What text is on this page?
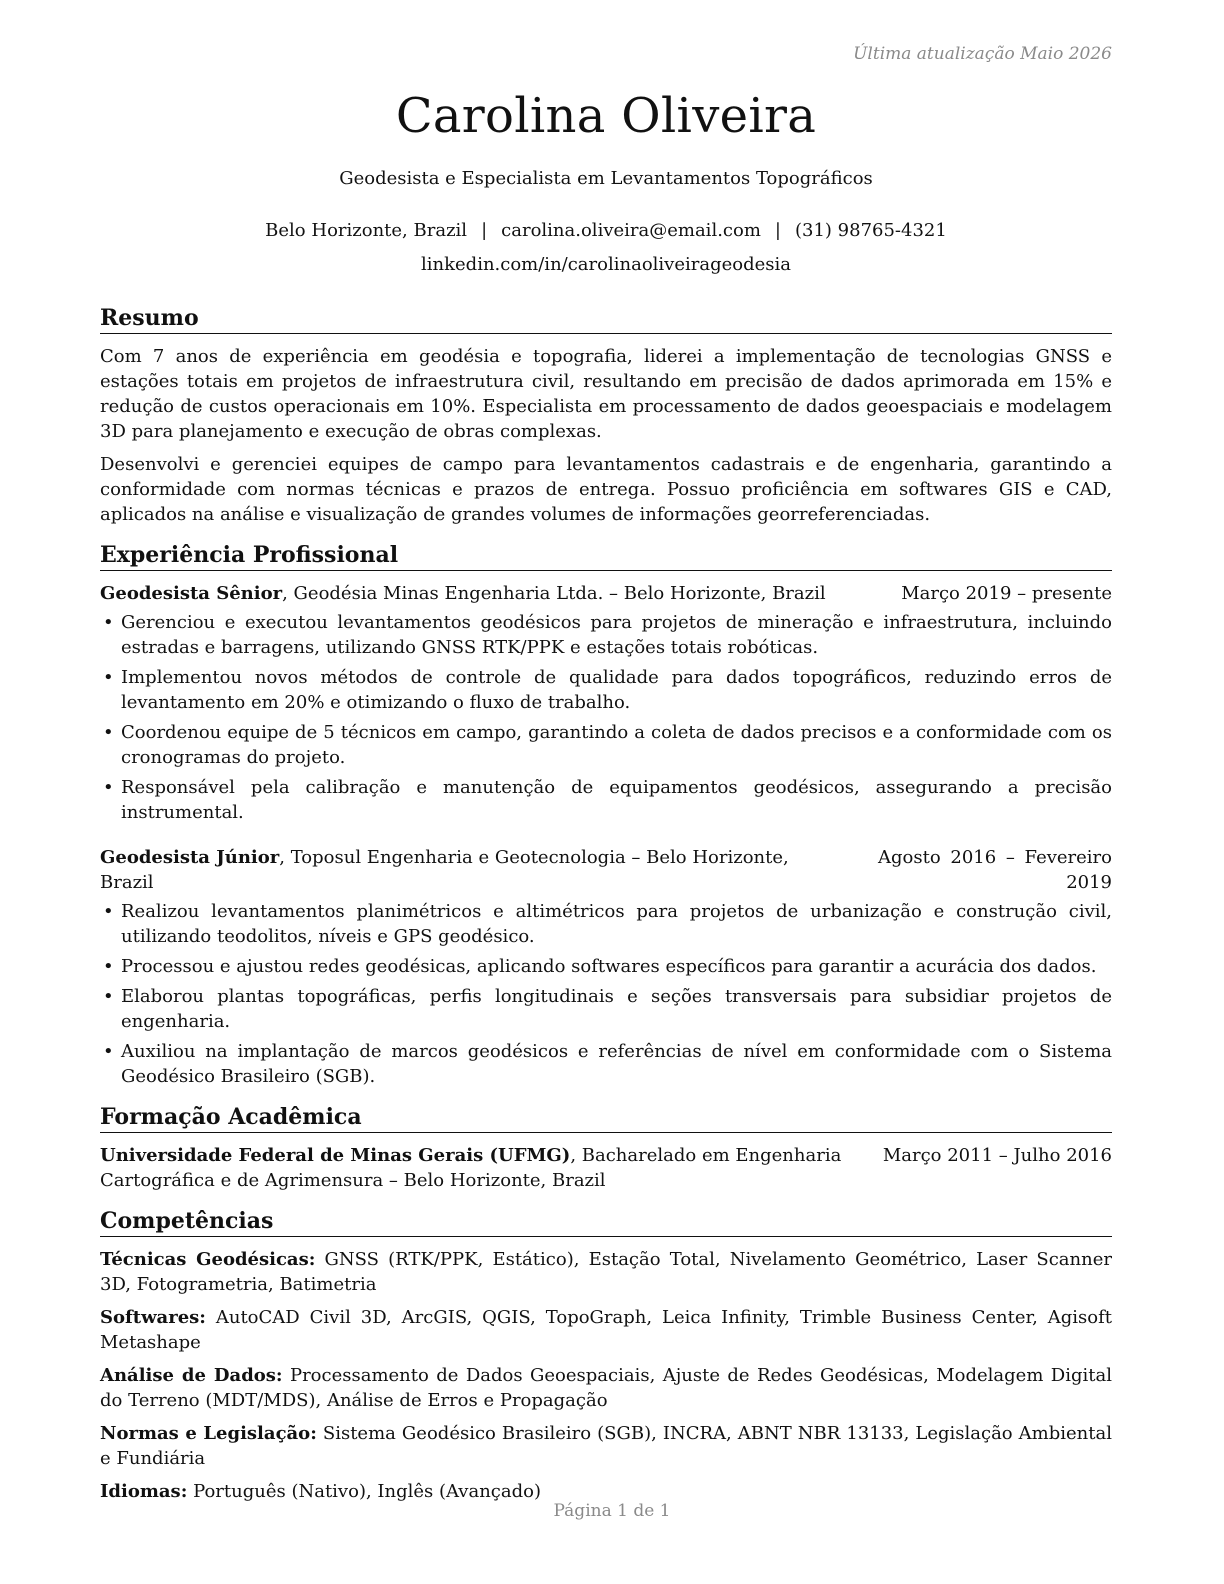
Última atualização Maio 2026
Carolina Oliveira
Geodesista e Especialista em Levantamentos Topográficos
Belo Horizonte, Brazil | carolina.oliveira@email.com | (31) 98765-4321
linkedin.com/in/carolinaoliveirageodesia
Resumo

Com 7 anos de experiência em geodésia e topografia, liderei a implementação de tecnologias GNSS e estações totais em projetos de infraestrutura civil, resultando em precisão de dados aprimorada em 15% e redução de custos operacionais em 10%. Especialista em processamento de dados geoespaciais e modelagem 3D para planejamento e execução de obras complexas.

Desenvolvi e gerenciei equipes de campo para levantamentos cadastrais e de engenharia, garantindo a conformidade com normas técnicas e prazos de entrega. Possuo proficiência em softwares GIS e CAD, aplicados na análise e visualização de grandes volumes de informações georreferenciadas.

Experiência Profissional
Geodesista Sênior, Geodésia Minas Engenharia Ltda. – Belo Horizonte, Brazil	Março 2019 – presente
• Gerenciou e executou levantamentos geodésicos para projetos de mineração e infraestrutura, incluindo estradas e barragens, utilizando GNSS RTK/PPK e estações totais robóticas.
• Implementou novos métodos de controle de qualidade para dados topográficos, reduzindo erros de levantamento em 20% e otimizando o fluxo de trabalho.
• Coordenou equipe de 5 técnicos em campo, garantindo a coleta de dados precisos e a conformidade com os cronogramas do projeto.
• Responsável pela calibração e manutenção de equipamentos geodésicos, assegurando a precisão instrumental.
Geodesista Júnior, Toposul Engenharia e Geotecnologia – Belo Horizonte, Brazil
Agosto 2016 – Fevereiro
2019
• Realizou levantamentos planimétricos e altimétricos para projetos de urbanização e construção civil, utilizando teodolitos, níveis e GPS geodésico.
• Processou e ajustou redes geodésicas, aplicando softwares específicos para garantir a acurácia dos dados.
• Elaborou plantas topográficas, perfis longitudinais e seções transversais para subsidiar projetos de engenharia.
• Auxiliou na implantação de marcos geodésicos e referências de nível em conformidade com o Sistema Geodésico Brasileiro (SGB).
Formação Acadêmica
Universidade Federal de Minas Gerais (UFMG), Bacharelado em Engenharia Cartográfica e de Agrimensura – Belo Horizonte, Brazil
Março 2011 – Julho 2016
Competências

Técnicas Geodésicas: GNSS (RTK/PPK, Estático), Estação Total, Nivelamento Geométrico, Laser Scanner 3D, Fotogrametria, Batimetria

Softwares: AutoCAD Civil 3D, ArcGIS, QGIS, TopoGraph, Leica Infinity, Trimble Business Center, Agisoft Metashape

Análise de Dados: Processamento de Dados Geoespaciais, Ajuste de Redes Geodésicas, Modelagem Digital do Terreno (MDT/MDS), Análise de Erros e Propagação

Normas e Legislação: Sistema Geodésico Brasileiro (SGB), INCRA, ABNT NBR 13133, Legislação Ambiental e Fundiária

Idiomas: Português (Nativo), Inglês (Avançado)

Página 1 de 1
